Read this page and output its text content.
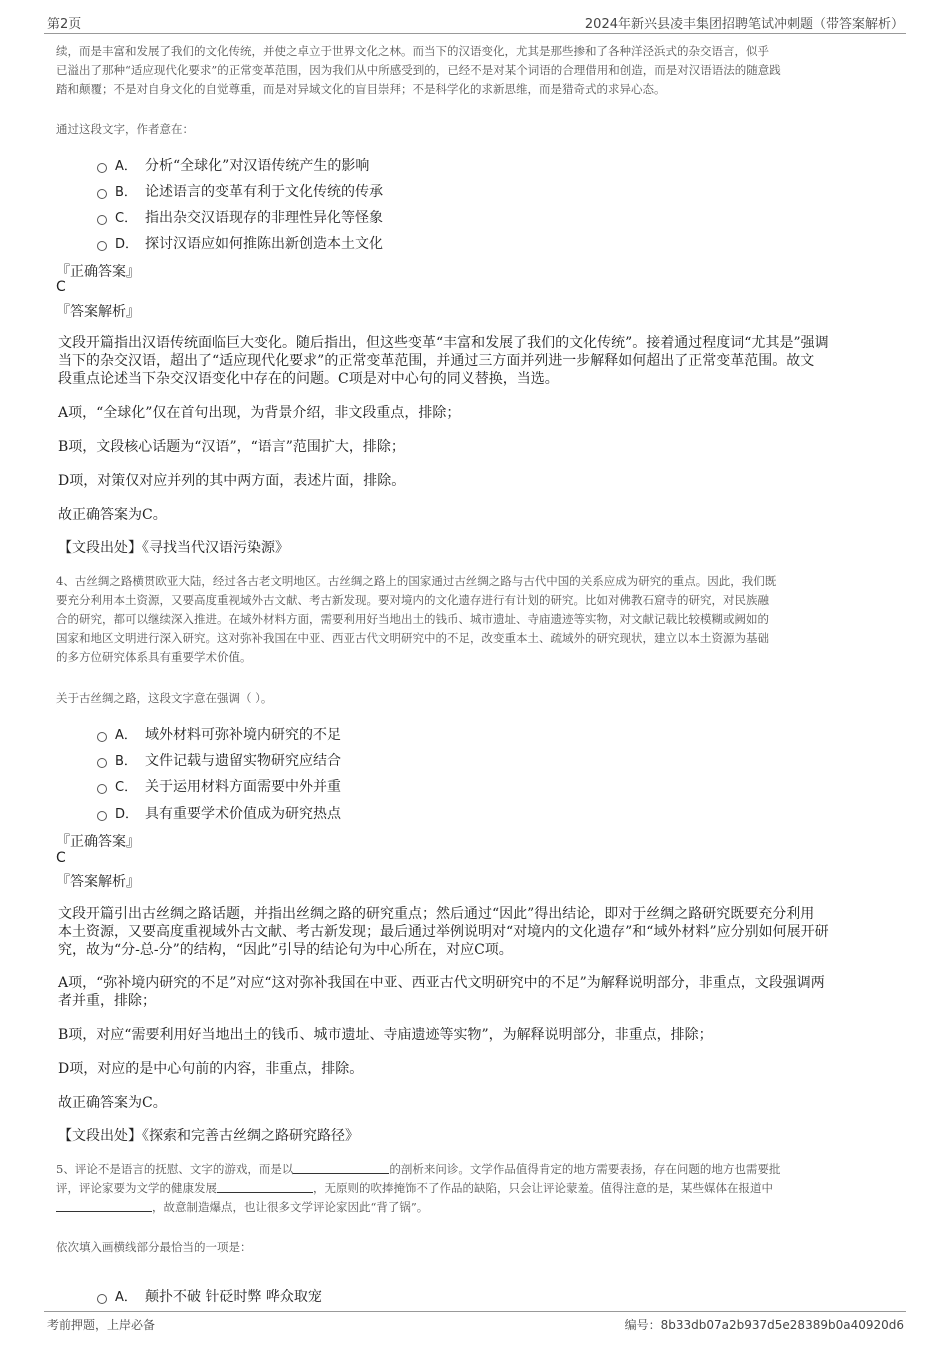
第2页	2024年新兴县凌丰集团招聘笔试冲刺题（带答案解析）
续，而是丰富和发展了我们的文化传统，并使之卓立于世界文化之林。而当下的汉语变化，尤其是那些掺和了各种洋泾浜式的杂交语言，似乎
已溢出了那种“适应现代化要求”的正常变革范围，因为我们从中所感受到的，已经不是对某个词语的合理借用和创造，而是对汉语语法的随意践
踏和颠覆；不是对自身文化的自觉尊重，而是对异域文化的盲目崇拜；不是科学化的求新思维，而是猎奇式的求异心态。
通过这段文字，作者意在：
A． 分析“全球化”对汉语传统产生的影响
B． 论述语言的变革有利于文化传统的传承
C． 指出杂交汉语现存的非理性异化等怪象
D． 探讨汉语应如何推陈出新创造本土文化
『正确答案』
C
『答案解析』
文段开篇指出汉语传统面临巨大变化。随后指出，但这些变革“丰富和发展了我们的文化传统”。接着通过程度词“尤其是”强调
当下的杂交汉语，超出了“适应现代化要求”的正常变革范围，并通过三方面并列进一步解释如何超出了正常变革范围。故文
段重点论述当下杂交汉语变化中存在的问题。C项是对中心句的同义替换，当选。
A项，“全球化”仅在首句出现，为背景介绍，非文段重点，排除；
B项，文段核心话题为“汉语”，“语言”范围扩大，排除；
D项，对策仅对应并列的其中两方面，表述片面，排除。
故正确答案为C。
【文段出处】《寻找当代汉语污染源》
4、古丝绸之路横贯欧亚大陆，经过各古老文明地区。古丝绸之路上的国家通过古丝绸之路与古代中国的关系应成为研究的重点。因此，我们既
要充分利用本土资源，又要高度重视域外古文献、考古新发现。要对境内的文化遗存进行有计划的研究。比如对佛教石窟寺的研究，对民族融
合的研究，都可以继续深入推进。在域外材料方面，需要利用好当地出土的钱币、城市遗址、寺庙遗迹等实物，对文献记载比较模糊或阙如的
国家和地区文明进行深入研究。这对弥补我国在中亚、西亚古代文明研究中的不足，改变重本土、疏域外的研究现状，建立以本土资源为基础
的多方位研究体系具有重要学术价值。
关于古丝绸之路，这段文字意在强调（ ）。
A． 域外材料可弥补境内研究的不足
B． 文件记载与遗留实物研究应结合
C． 关于运用材料方面需要中外并重
D． 具有重要学术价值成为研究热点
『正确答案』
C
『答案解析』
文段开篇引出古丝绸之路话题，并指出丝绸之路的研究重点；然后通过“因此”得出结论，即对于丝绸之路研究既要充分利用
本土资源，又要高度重视域外古文献、考古新发现；最后通过举例说明对“对境内的文化遗存”和“域外材料”应分别如何展开研
究，故为“分-总-分”的结构，“因此”引导的结论句为中心所在，对应C项。
A项，“弥补境内研究的不足”对应“这对弥补我国在中亚、西亚古代文明研究中的不足”为解释说明部分，非重点，文段强调两
者并重，排除；
B项，对应“需要利用好当地出土的钱币、城市遗址、寺庙遗迹等实物”，为解释说明部分，非重点，排除；
D项，对应的是中心句前的内容，非重点，排除。
故正确答案为C。
【文段出处】《探索和完善古丝绸之路研究路径》
5、评论不是语言的抚慰、文字的游戏，而是以	的剖析来问诊。文学作品值得肯定的地方需要表扬，存在问题的地方也需要批
评，评论家要为文学的健康发展	，无原则的吹捧掩饰不了作品的缺陷，只会让评论蒙羞。值得注意的是，某些媒体在报道中
，故意制造爆点，也让很多文学评论家因此“背了锅”。
依次填入画横线部分最恰当的一项是：
A． 颠扑不破 针砭时弊 哗众取宠
考前押题，上岸必备	编号：8b33db07a2b937d5e28389b0a40920d6
